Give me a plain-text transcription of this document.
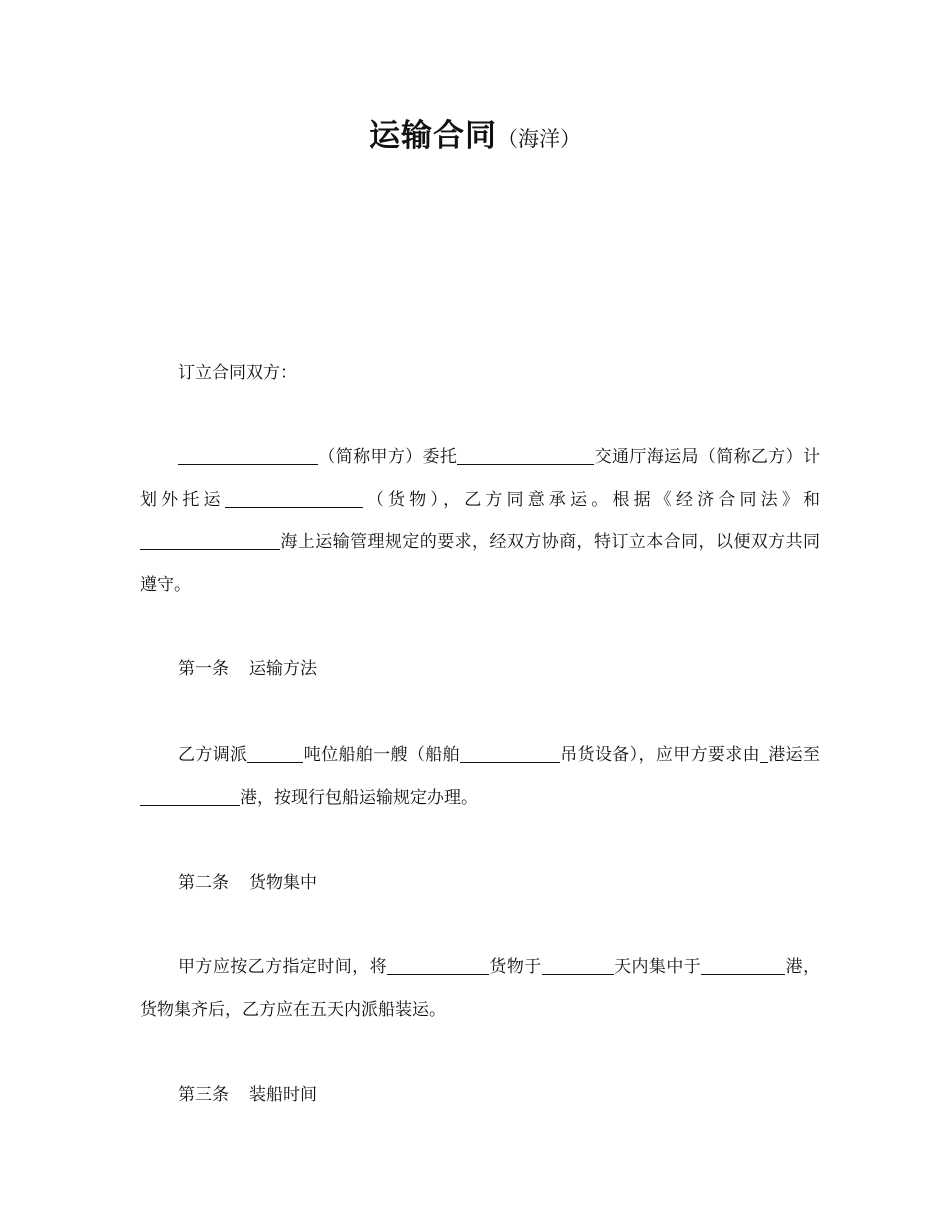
运输合同（海洋）
订立合同双方：
（简称甲方）委托	交通厅海运局（简称乙方）计划外托运	（货物），乙方同意承运。根据《经济合同法》和海上运输管理规定的要求，经双方协商，特订立本合同，以便双方共同遵守。
第一条 运输方法
乙方调派	吨位船舶一艘（船舶	吊货设备），应甲方要求由 港运至港，按现行包船运输规定办理。
第二条 货物集中
甲方应按乙方指定时间，将	货物于	天内集中于	港，货物集齐后，乙方应在五天内派船装运。
第三条 装船时间
